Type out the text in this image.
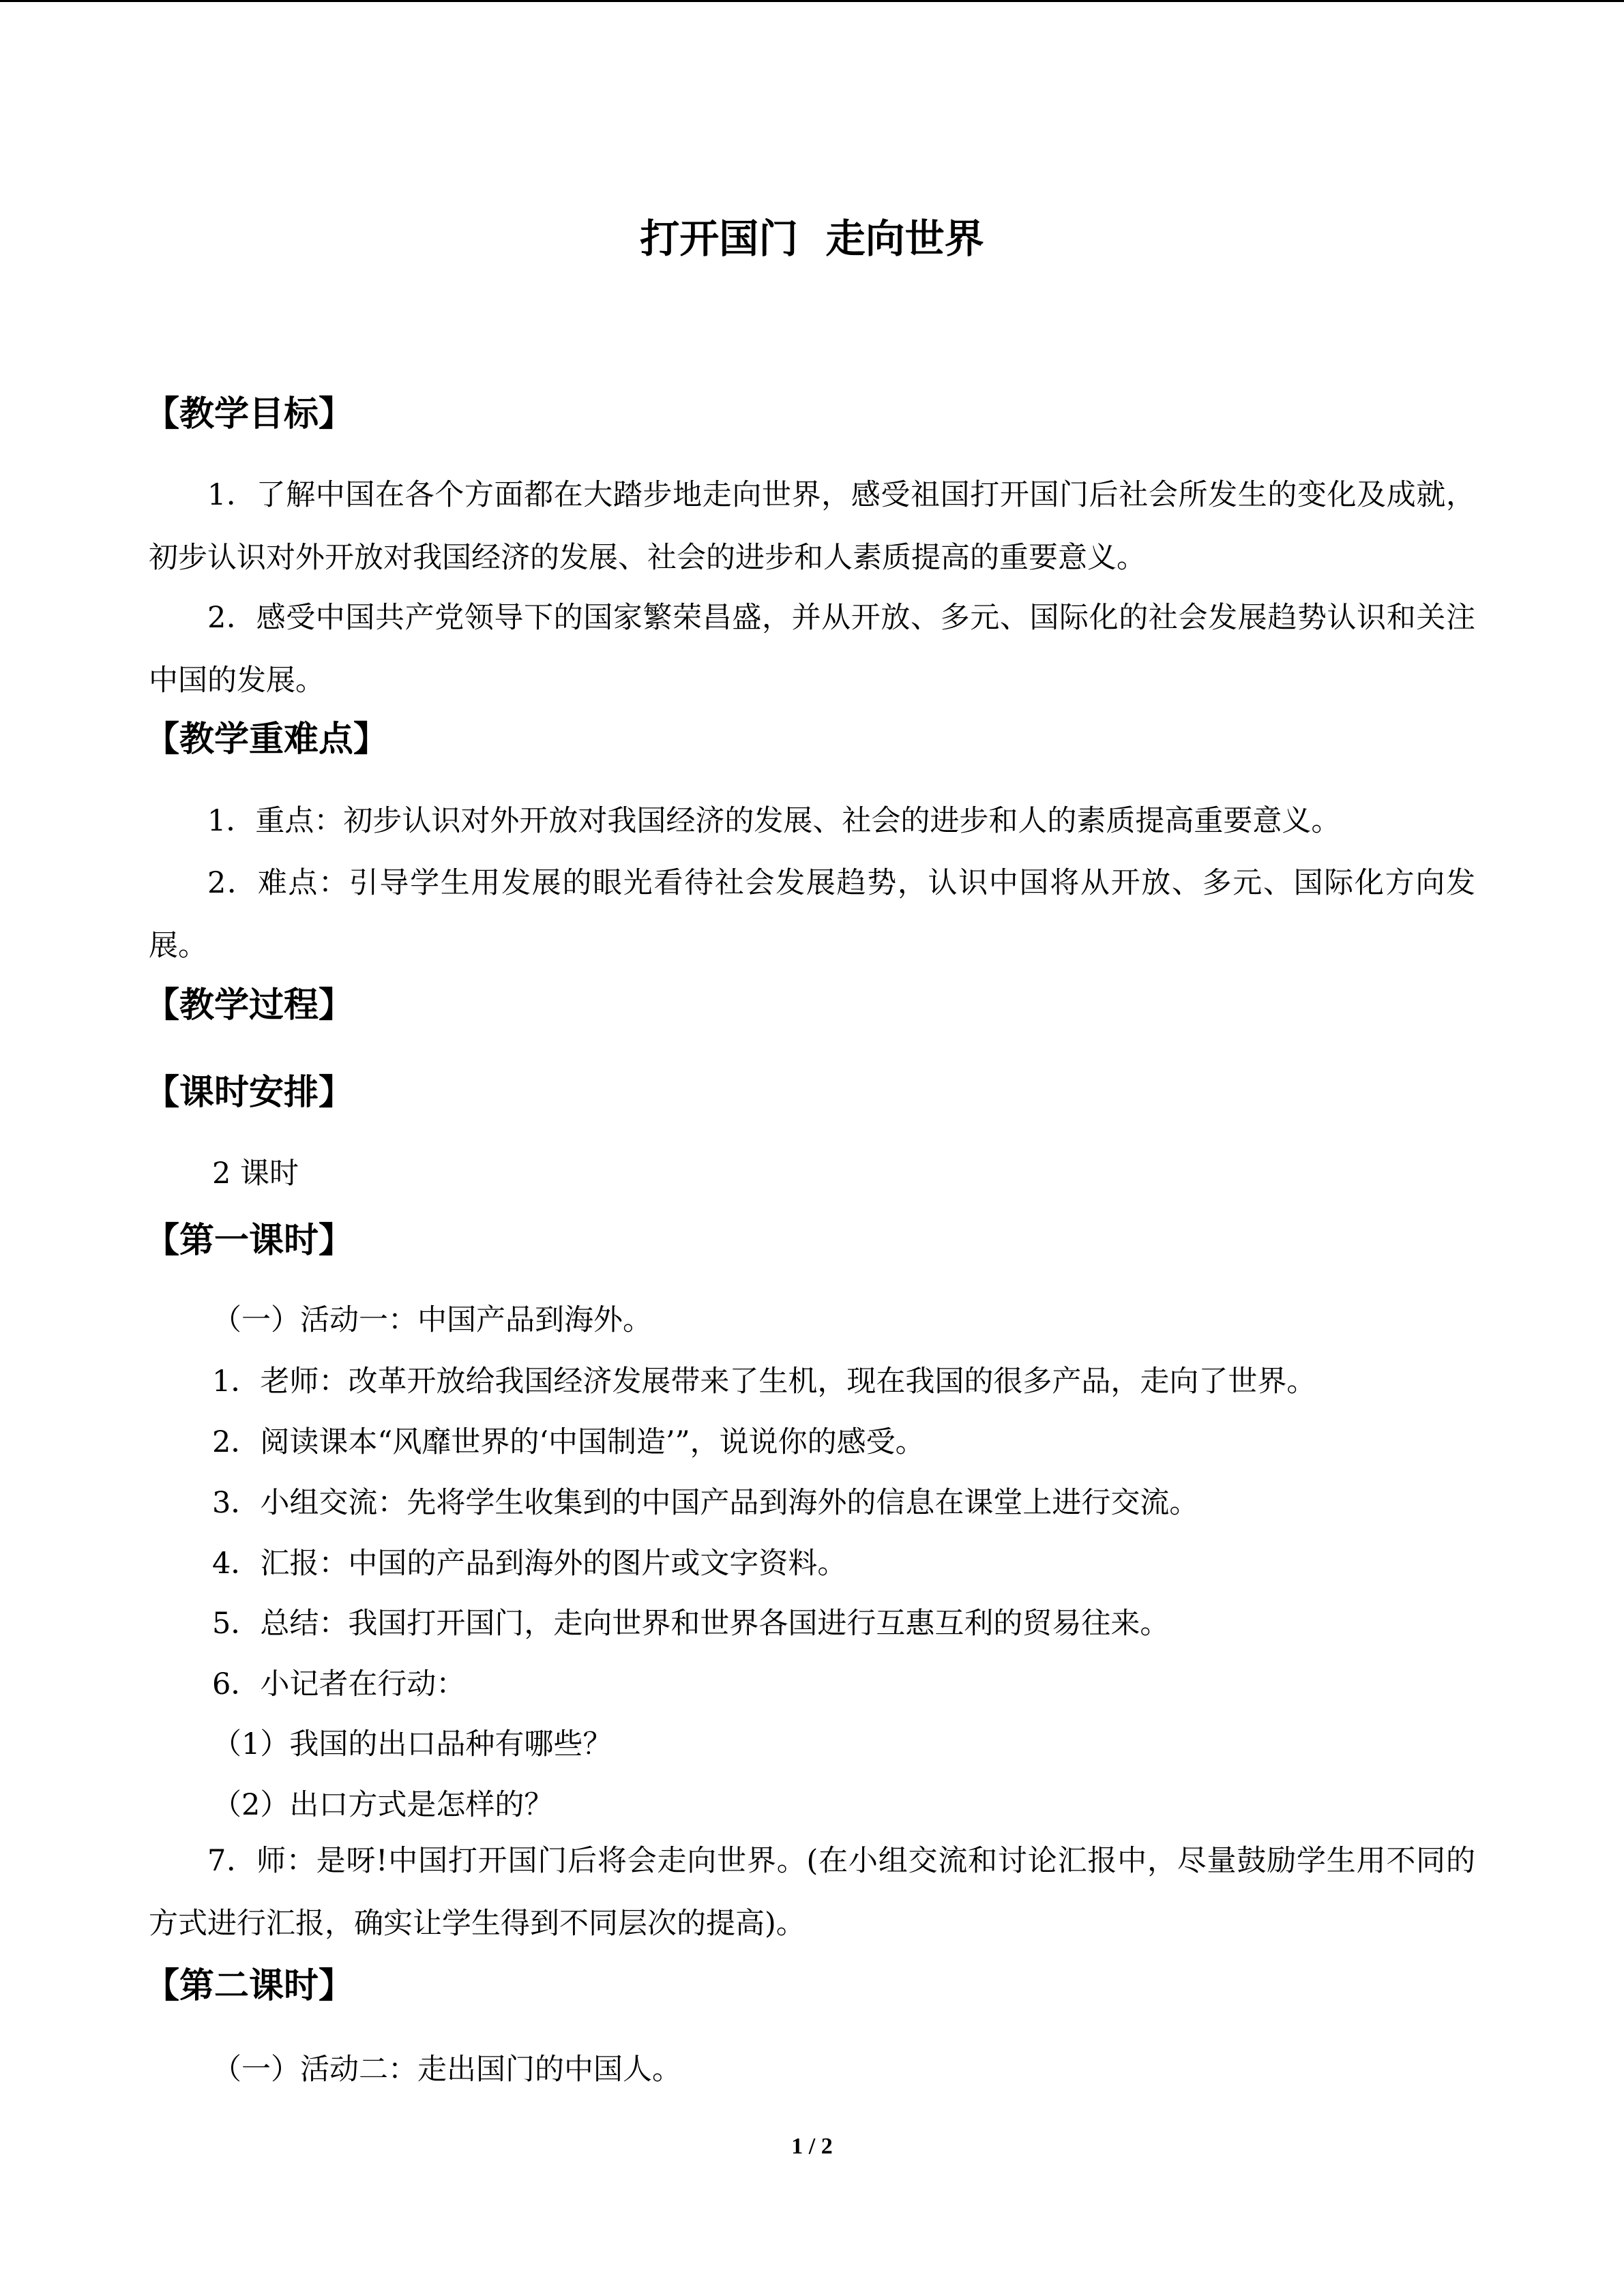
打开国门  走向世界
【教学目标】
1．了解中国在各个方面都在大踏步地走向世界，感受祖国打开国门后社会所发生的变化及成就，初步认识对外开放对我国经济的发展、社会的进步和人素质提高的重要意义。
2．感受中国共产党领导下的国家繁荣昌盛，并从开放、多元、国际化的社会发展趋势认识和关注中国的发展。
【教学重难点】
1．重点：初步认识对外开放对我国经济的发展、社会的进步和人的素质提高重要意义。
2．难点：引导学生用发展的眼光看待社会发展趋势，认识中国将从开放、多元、国际化方向发展。
【教学过程】
【课时安排】
2 课时
【第一课时】
（一）活动一：中国产品到海外。
1．老师：改革开放给我国经济发展带来了生机，现在我国的很多产品，走向了世界。
2．阅读课本“风靡世界的‘中国制造’”，说说你的感受。
3．小组交流：先将学生收集到的中国产品到海外的信息在课堂上进行交流。
4．汇报：中国的产品到海外的图片或文字资料。
5．总结：我国打开国门，走向世界和世界各国进行互惠互利的贸易往来。
6．小记者在行动：
（1）我国的出口品种有哪些？
（2）出口方式是怎样的？
7．师：是呀!中国打开国门后将会走向世界。(在小组交流和讨论汇报中，尽量鼓励学生用不同的方式进行汇报，确实让学生得到不同层次的提高)。
【第二课时】
（一）活动二：走出国门的中国人。
1 / 2
